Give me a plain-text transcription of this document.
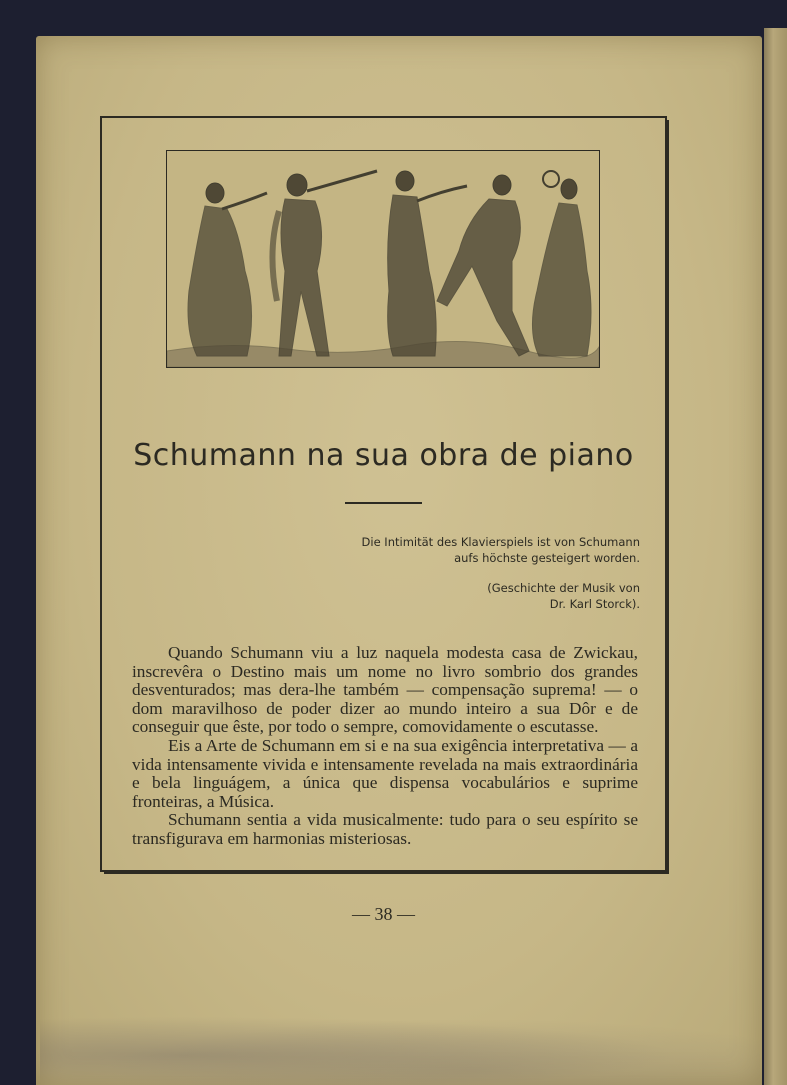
Schumann na sua obra de piano
Die Intimität des Klavierspiels ist von Schumann
aufs höchste gesteigert worden.
(Geschichte der Musik von
Dr. Karl Storck).

Quando Schumann viu a luz naquela modesta casa de Zwickau, inscrevêra o Destino mais um nome no livro sombrio dos grandes desventurados; mas dera-lhe também — compensação suprema! — o dom maravilhoso de poder dizer ao mundo inteiro a sua Dôr e de conseguir que êste, por todo o sempre, comovidamente o escutasse.

Eis a Arte de Schumann em si e na sua exigência interpretativa — a vida intensamente vivida e intensamente revelada na mais extraordinária e bela linguágem, a única que dispensa vocabulários e suprime fronteiras, a Música.

Schumann sentia a vida musicalmente: tudo para o seu espírito se transfigurava em harmonias misteriosas.

— 38 —
